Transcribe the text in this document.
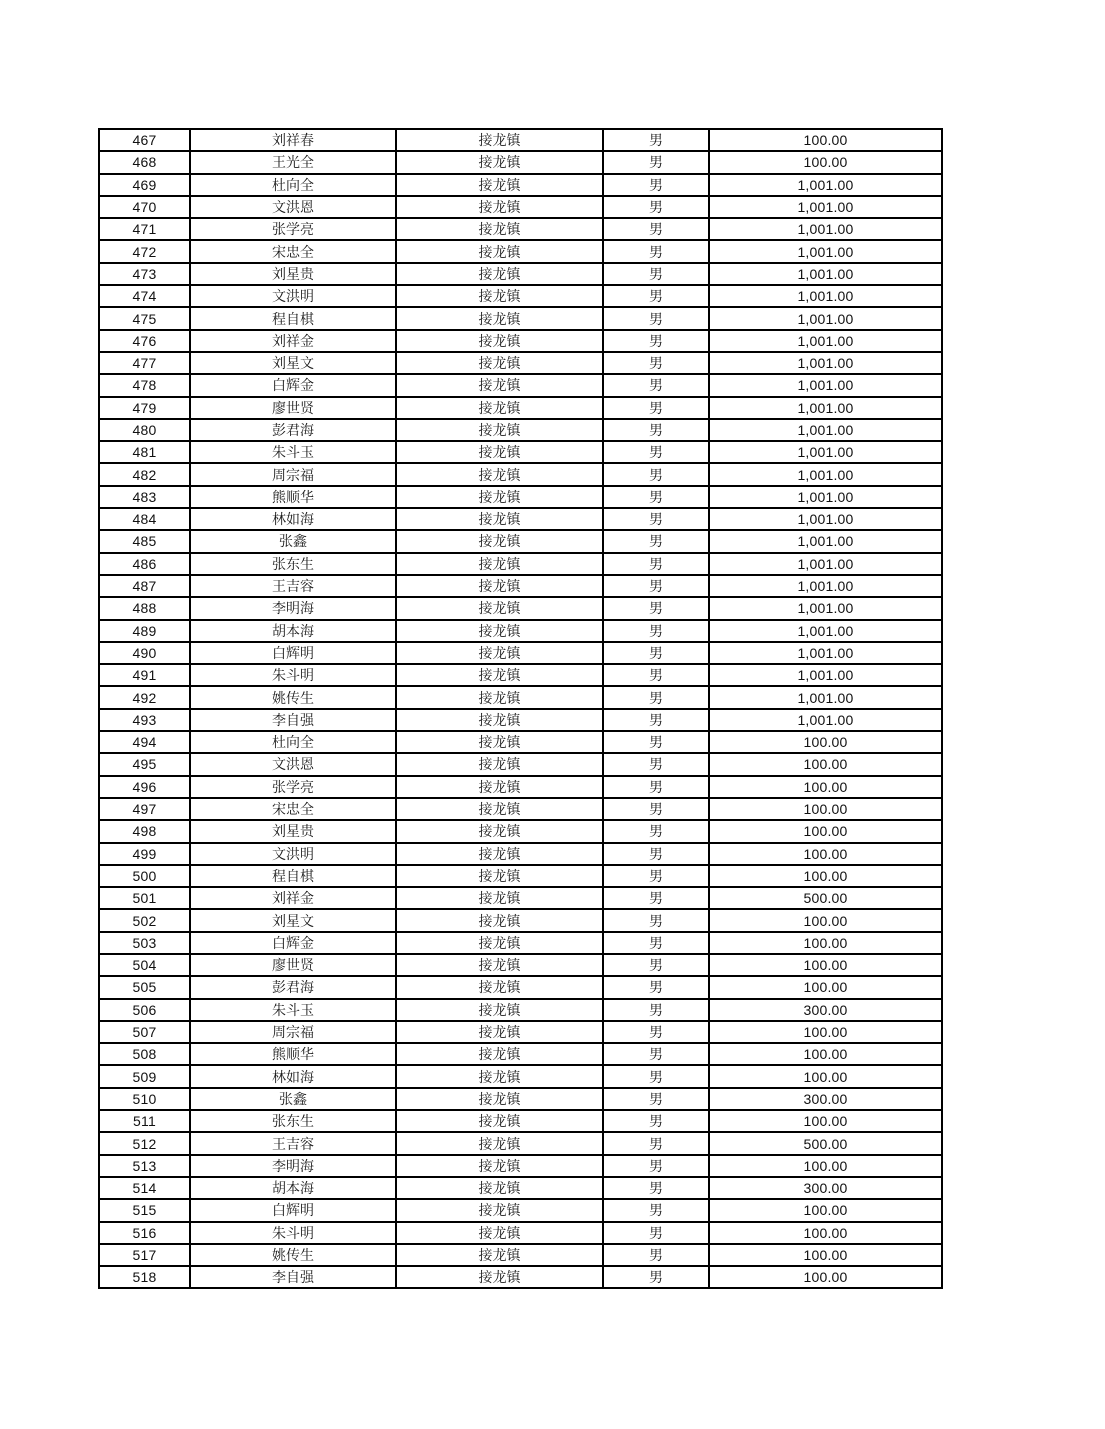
467	刘祥春	接龙镇	男	100.00
468	王光全	接龙镇	男	100.00
469	杜向全	接龙镇	男	1,001.00
470	文洪恩	接龙镇	男	1,001.00
471	张学亮	接龙镇	男	1,001.00
472	宋忠全	接龙镇	男	1,001.00
473	刘星贵	接龙镇	男	1,001.00
474	文洪明	接龙镇	男	1,001.00
475	程自棋	接龙镇	男	1,001.00
476	刘祥金	接龙镇	男	1,001.00
477	刘星文	接龙镇	男	1,001.00
478	白辉金	接龙镇	男	1,001.00
479	廖世贤	接龙镇	男	1,001.00
480	彭君海	接龙镇	男	1,001.00
481	朱斗玉	接龙镇	男	1,001.00
482	周宗福	接龙镇	男	1,001.00
483	熊顺华	接龙镇	男	1,001.00
484	林如海	接龙镇	男	1,001.00
485	张鑫	接龙镇	男	1,001.00
486	张东生	接龙镇	男	1,001.00
487	王吉容	接龙镇	男	1,001.00
488	李明海	接龙镇	男	1,001.00
489	胡本海	接龙镇	男	1,001.00
490	白辉明	接龙镇	男	1,001.00
491	朱斗明	接龙镇	男	1,001.00
492	姚传生	接龙镇	男	1,001.00
493	李自强	接龙镇	男	1,001.00
494	杜向全	接龙镇	男	100.00
495	文洪恩	接龙镇	男	100.00
496	张学亮	接龙镇	男	100.00
497	宋忠全	接龙镇	男	100.00
498	刘星贵	接龙镇	男	100.00
499	文洪明	接龙镇	男	100.00
500	程自棋	接龙镇	男	100.00
501	刘祥金	接龙镇	男	500.00
502	刘星文	接龙镇	男	100.00
503	白辉金	接龙镇	男	100.00
504	廖世贤	接龙镇	男	100.00
505	彭君海	接龙镇	男	100.00
506	朱斗玉	接龙镇	男	300.00
507	周宗福	接龙镇	男	100.00
508	熊顺华	接龙镇	男	100.00
509	林如海	接龙镇	男	100.00
510	张鑫	接龙镇	男	300.00
511	张东生	接龙镇	男	100.00
512	王吉容	接龙镇	男	500.00
513	李明海	接龙镇	男	100.00
514	胡本海	接龙镇	男	300.00
515	白辉明	接龙镇	男	100.00
516	朱斗明	接龙镇	男	100.00
517	姚传生	接龙镇	男	100.00
518	李自强	接龙镇	男	100.00
